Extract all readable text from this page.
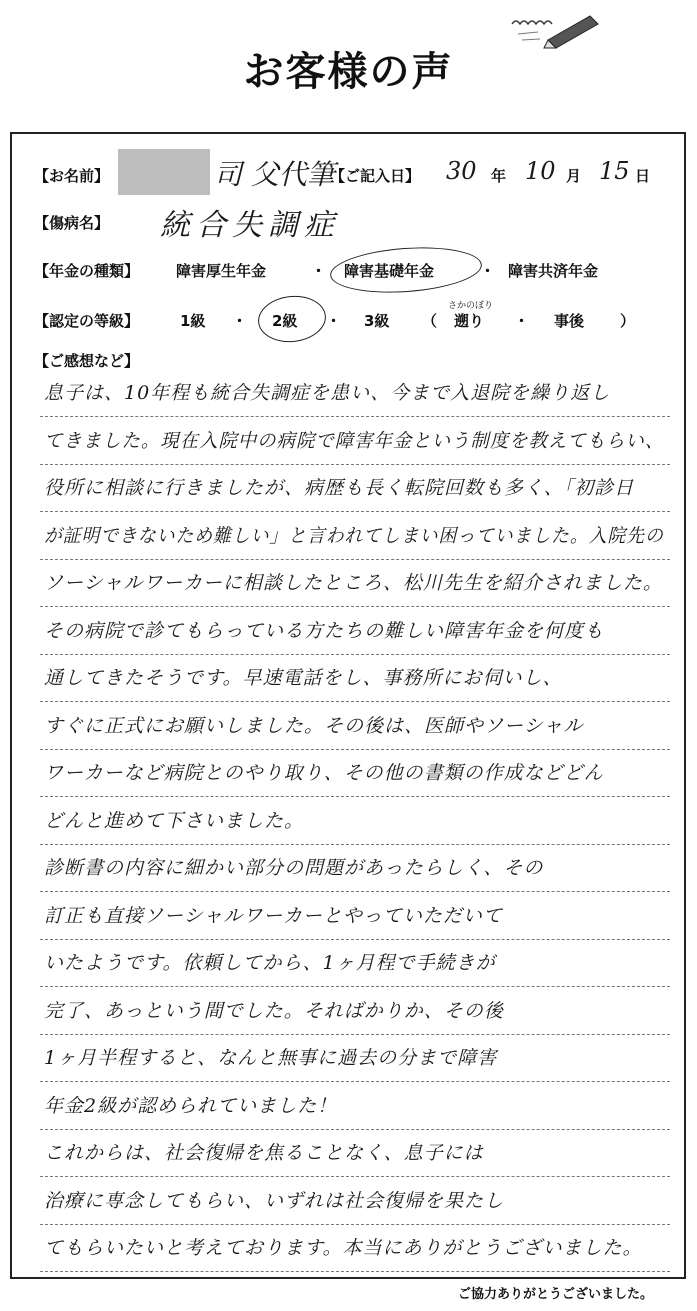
お客様の声
【お名前】	司 父代筆
【ご記入日】 30 年 10 月 15 日
【傷病名】 統合失調症
【年金の種類】 障害厚生年金	・ 障害基礎年金	・ 障害共済年金
【認定の等級】	1級 ・ 2級 ・ 3級 （
さかのぼり
遡り ・ 事後 ）
【ご感想など】
息子は、10年程も統合失調症を患い、今まで入退院を繰り返し
てきました。現在入院中の病院で障害年金という制度を教えてもらい、
役所に相談に行きましたが、病歴も長く転院回数も多く、「初診日
が証明できないため難しい」と言われてしまい困っていました。入院先の
ソーシャルワーカーに相談したところ、松川先生を紹介されました。
その病院で診てもらっている方たちの難しい障害年金を何度も
通してきたそうです。早速電話をし、事務所にお伺いし、
すぐに正式にお願いしました。その後は、医師やソーシャル
ワーカーなど病院とのやり取り、その他の書類の作成などどん
どんと進めて下さいました。
診断書の内容に細かい部分の問題があったらしく、その
訂正も直接ソーシャルワーカーとやっていただいて
いたようです。依頼してから、1ヶ月程で手続きが
完了、あっという間でした。そればかりか、その後
1ヶ月半程すると、なんと無事に過去の分まで障害
年金2級が認められていました！
これからは、社会復帰を焦ることなく、息子には
治療に専念してもらい、いずれは社会復帰を果たし
てもらいたいと考えております。本当にありがとうございました。
ご協力ありがとうございました。
